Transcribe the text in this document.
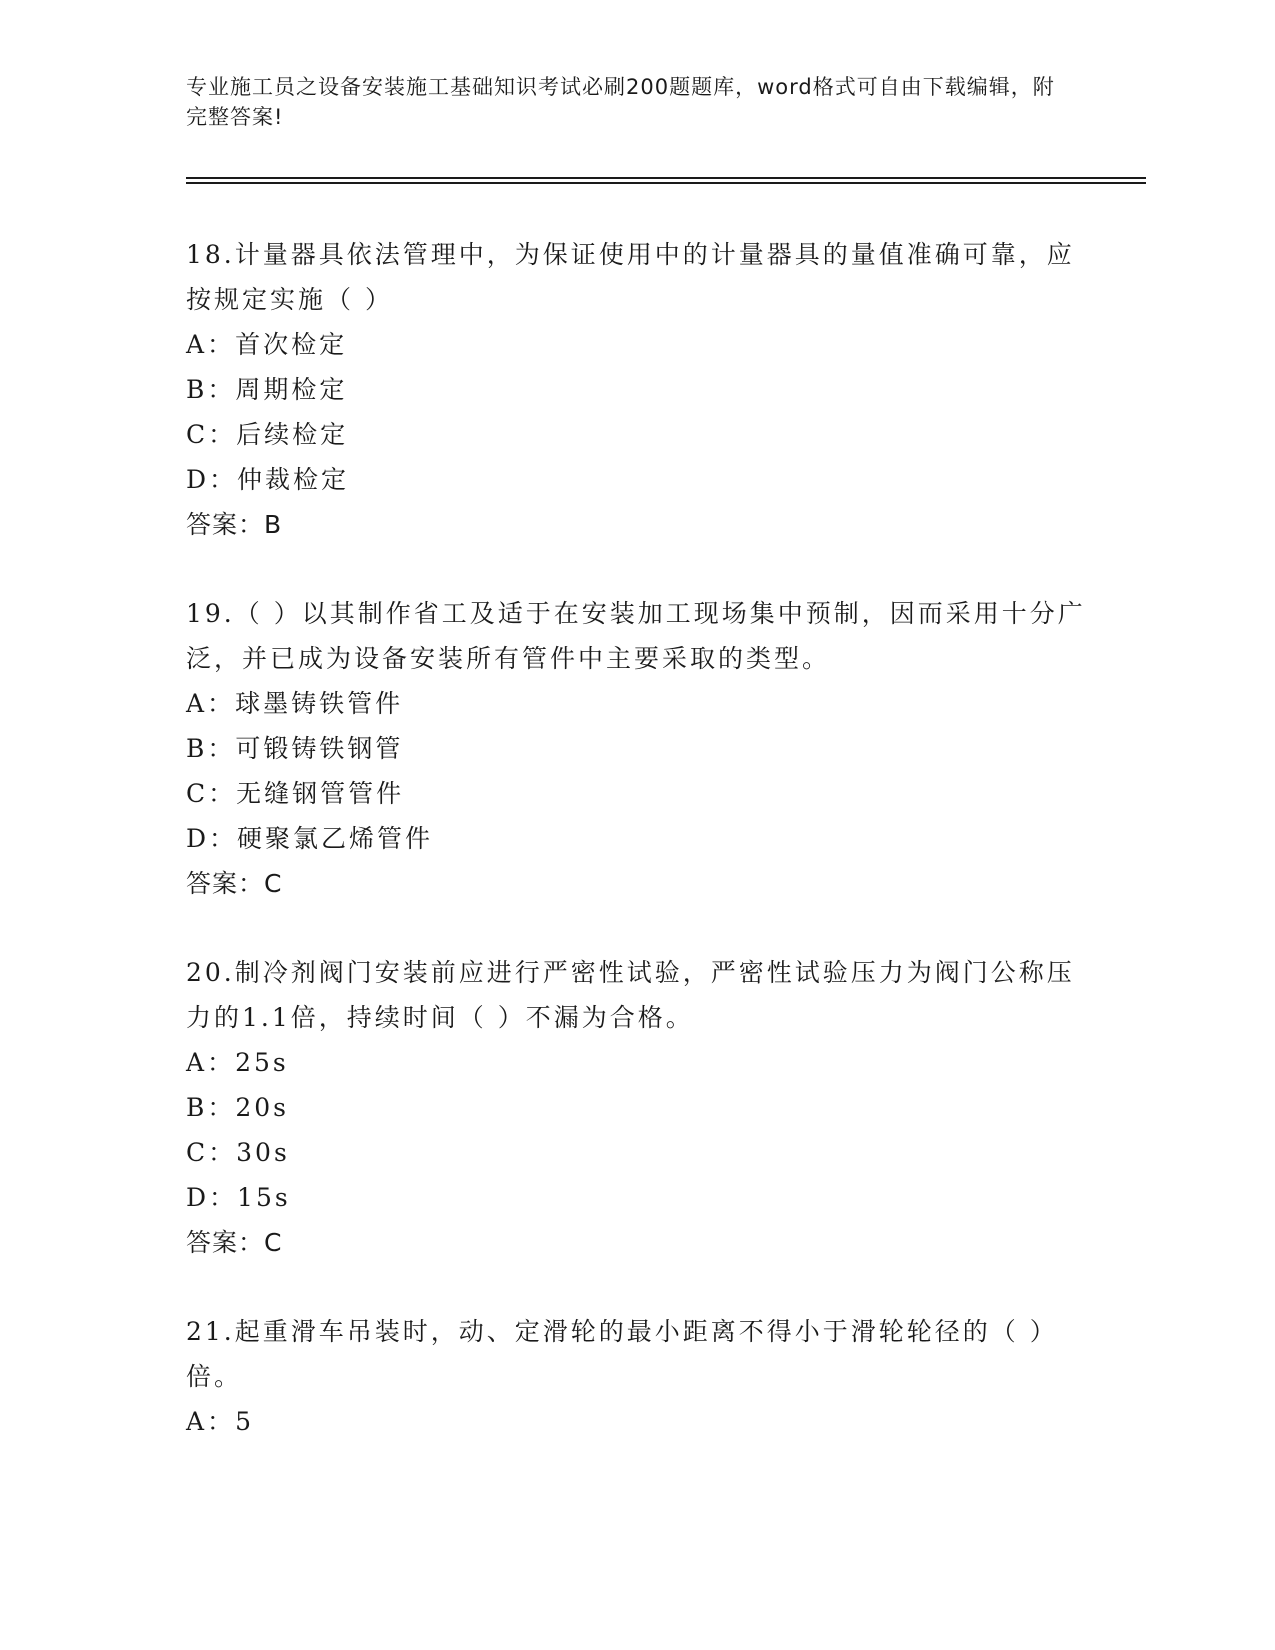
专业施工员之设备安装施工基础知识考试必刷200题题库，word格式可自由下载编辑，附完整答案!

18.计量器具依法管理中，为保证使用中的计量器具的量值准确可靠，应按规定实施（ ）

A：首次检定

B：周期检定

C：后续检定

D：仲裁检定

答案：B

19.（ ）以其制作省工及适于在安装加工现场集中预制，因而采用十分广泛，并已成为设备安装所有管件中主要采取的类型。

A：球墨铸铁管件

B：可锻铸铁钢管

C：无缝钢管管件

D：硬聚氯乙烯管件

答案：C

20.制冷剂阀门安装前应进行严密性试验，严密性试验压力为阀门公称压力的1.1倍，持续时间（ ）不漏为合格。

A：25s

B：20s

C：30s

D：15s

答案：C

21.起重滑车吊装时，动、定滑轮的最小距离不得小于滑轮轮径的（ ）倍。

A：5
